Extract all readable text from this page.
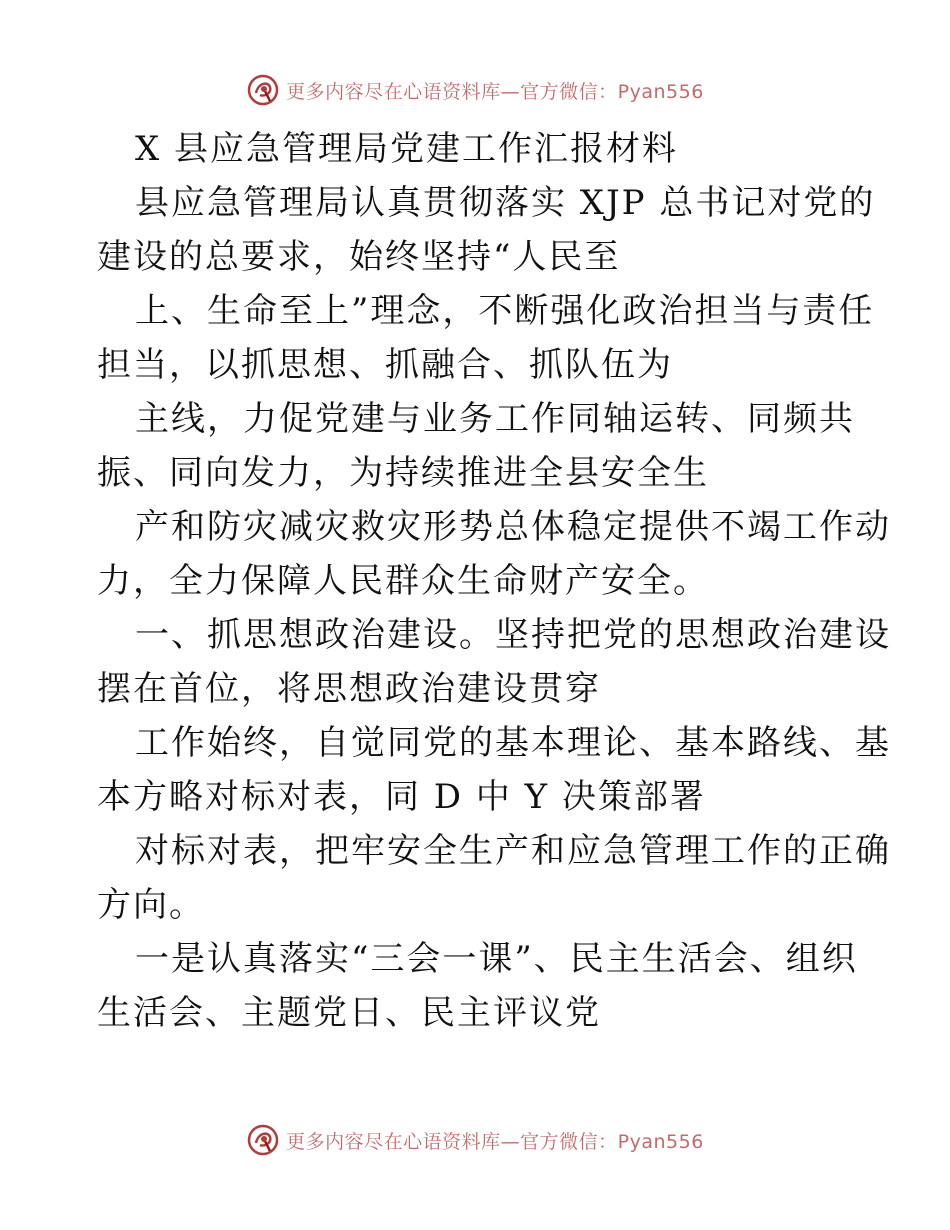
更多内容尽在心语资料库—官方微信：Pyan556
X 县应急管理局党建工作汇报材料
县应急管理局认真贯彻落实 XJP 总书记对党的
建设的总要求，始终坚持“人民至
上、生命至上”理念，不断强化政治担当与责任
担当，以抓思想、抓融合、抓队伍为
主线，力促党建与业务工作同轴运转、同频共
振、同向发力，为持续推进全县安全生
产和防灾减灾救灾形势总体稳定提供不竭工作动
力，全力保障人民群众生命财产安全。
一、抓思想政治建设。坚持把党的思想政治建设
摆在首位，将思想政治建设贯穿
工作始终，自觉同党的基本理论、基本路线、基
本方略对标对表，同 D 中 Y 决策部署
对标对表，把牢安全生产和应急管理工作的正确
方向。
一是认真落实“三会一课”、民主生活会、组织
生活会、主题党日、民主评议党
更多内容尽在心语资料库—官方微信：Pyan556
